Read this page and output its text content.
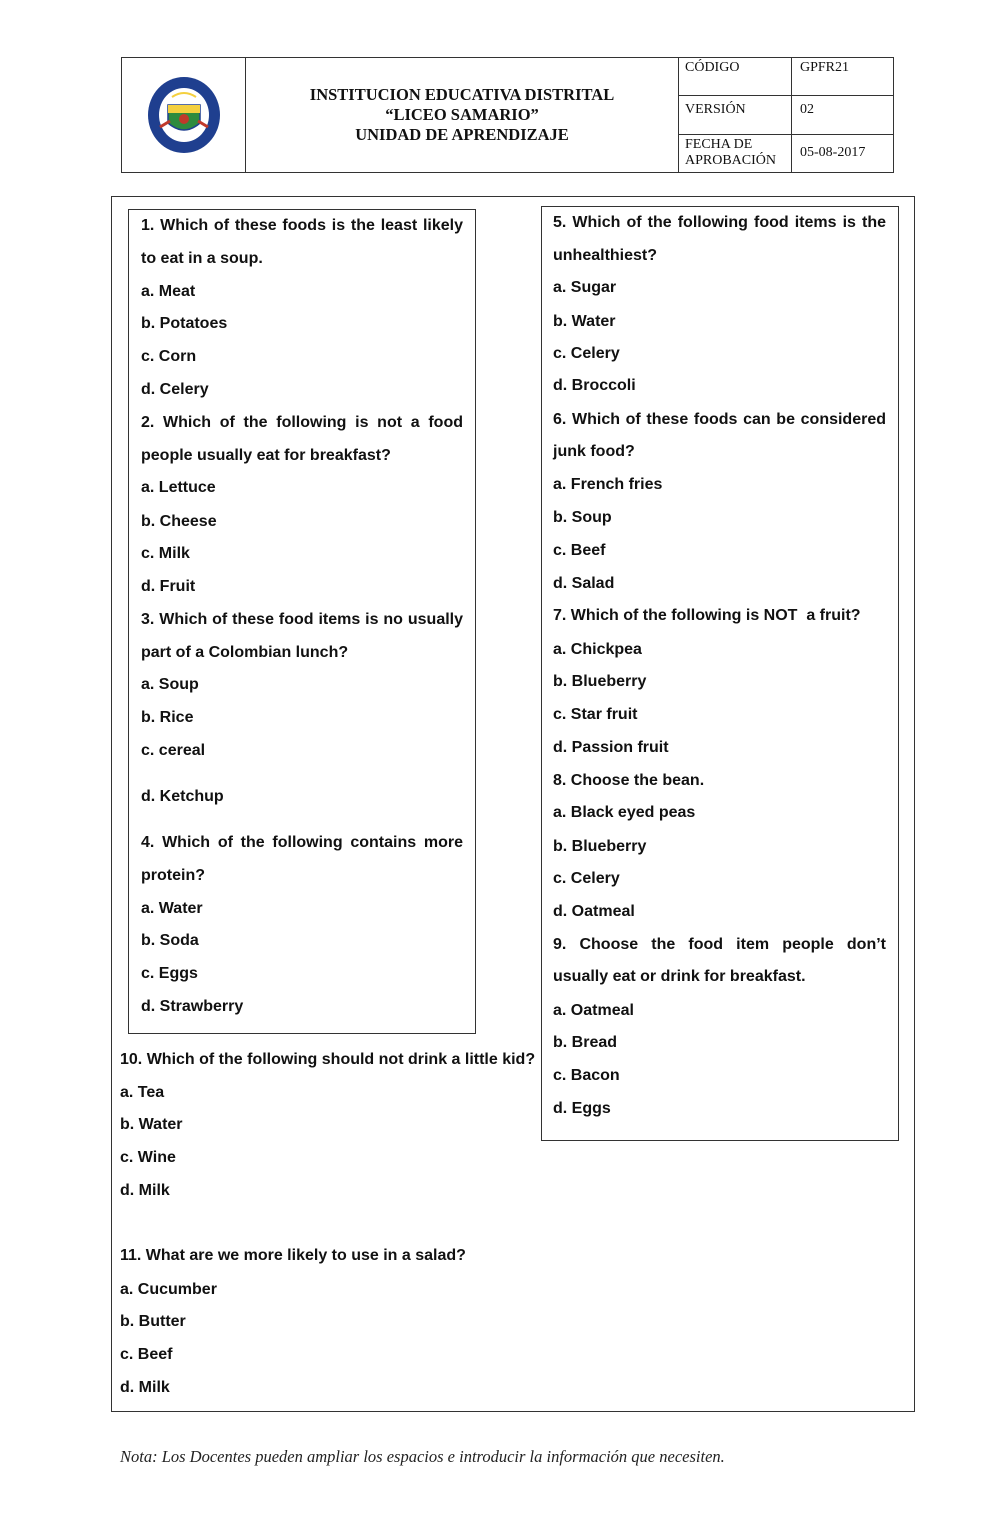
INSTITUCION EDUCATIVA DISTRITAL
“LICEO SAMARIO”
UNIDAD DE APRENDIZAJE
CÓDIGO	GPFR21
VERSIÓN	02
FECHA DE
APROBACIÓN	05-08-2017
1. Which of these foods is the least likely
to eat in a soup.
a. Meat
b. Potatoes
c. Corn
d. Celery
2. Which of the following is not a food
people usually eat for breakfast?
a. Lettuce
b. Cheese
c. Milk
d. Fruit
3. Which of these food items is no usually
part of a Colombian lunch?
a. Soup
b. Rice
c. cereal
d. Ketchup
4. Which of the following contains more
protein?
a. Water
b. Soda
c. Eggs
d. Strawberry
5. Which of the following food items is the
unhealthiest?
a. Sugar
b. Water
c. Celery
d. Broccoli
6. Which of these foods can be considered
junk food?
a. French fries
b. Soup
c. Beef
d. Salad
7. Which of the following is NOT  a fruit?
a. Chickpea
b. Blueberry
c. Star fruit
d. Passion fruit
8. Choose the bean.
a. Black eyed peas
b. Blueberry
c. Celery
d. Oatmeal
9. Choose the food item people don’t
usually eat or drink for breakfast.
a. Oatmeal
b. Bread
c. Bacon
d. Eggs
10. Which of the following should not drink a little kid?
a. Tea
b. Water
c. Wine
d. Milk
11. What are we more likely to use in a salad?
a. Cucumber
b. Butter
c. Beef
d. Milk
Nota: Los Docentes pueden ampliar los espacios e introducir la información que necesiten.
